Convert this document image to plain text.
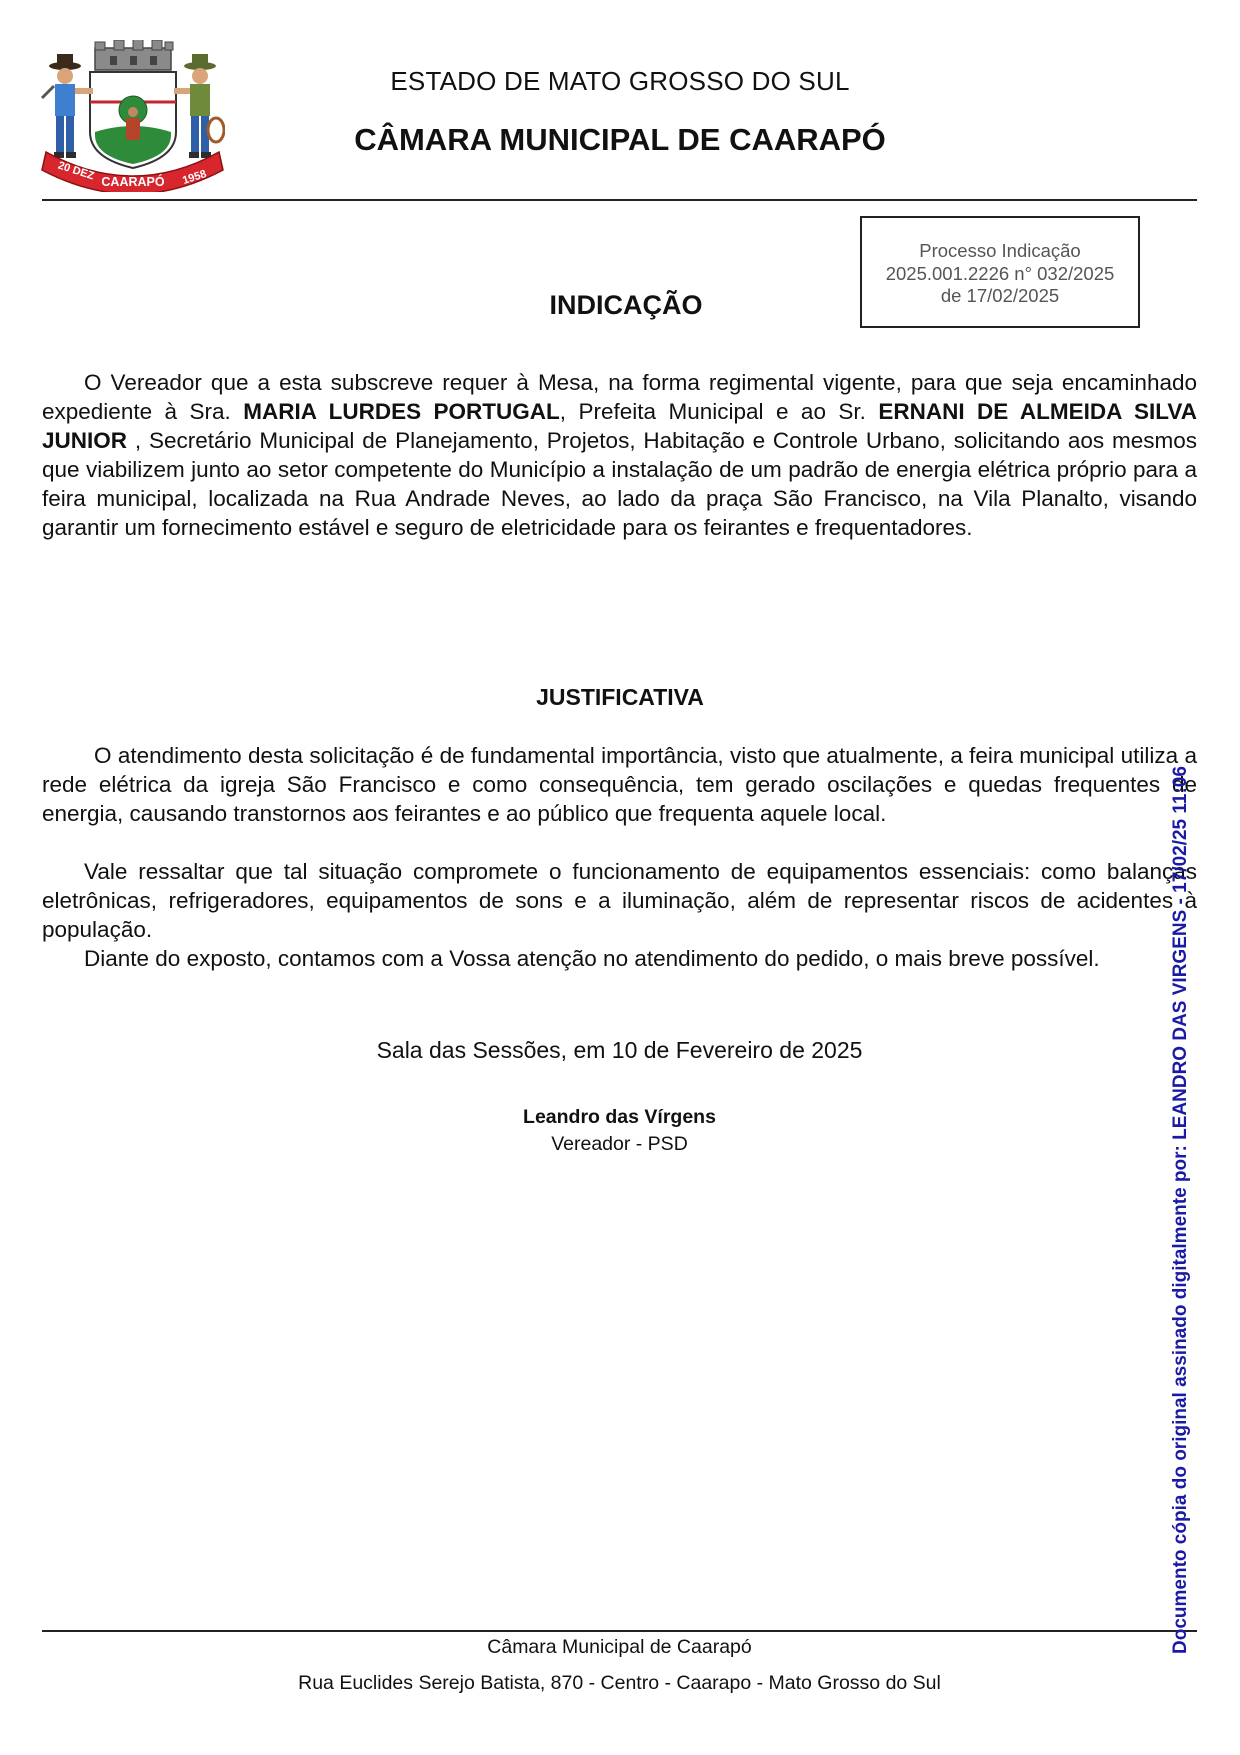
20 DEZ CAARAPÓ 1958
ESTADO DE MATO GROSSO DO SUL
CÂMARA MUNICIPAL DE CAARAPÓ
Processo Indicação
2025.001.2226 n° 032/2025
de 17/02/2025
INDICAÇÃO
O Vereador que a esta subscreve requer à Mesa, na forma regimental vigente, para que seja encaminhado expediente à Sra. MARIA LURDES PORTUGAL, Prefeita Municipal e ao Sr. ERNANI DE ALMEIDA SILVA JUNIOR , Secretário Municipal de Planejamento, Projetos, Habitação e Controle Urbano, solicitando aos mesmos que viabilizem junto ao setor competente do Município a instalação de um padrão de energia elétrica próprio para a feira municipal, localizada na Rua Andrade Neves, ao lado da praça São Francisco, na Vila Planalto, visando garantir um fornecimento estável e seguro de eletricidade para os feirantes e frequentadores.
JUSTIFICATIVA
O atendimento desta solicitação é de fundamental importância, visto que atualmente, a feira municipal utiliza a rede elétrica da igreja São Francisco e como consequência, tem gerado oscilações e quedas frequentes de energia, causando transtornos aos feirantes e ao público que frequenta aquele local.
Vale ressaltar que tal situação compromete o funcionamento de equipamentos essenciais: como balanças eletrônicas, refrigeradores, equipamentos de sons e a iluminação, além de representar riscos de acidentes à população.
Diante do exposto, contamos com a Vossa atenção no atendimento do pedido, o mais breve possível.
Sala das Sessões, em 10 de Fevereiro de 2025
Leandro das Vírgens
Vereador - PSD
Câmara Municipal de Caarapó
Rua Euclides Serejo Batista, 870 - Centro - Caarapo - Mato Grosso do Sul
Documento cópia do original assinado digitalmente por: LEANDRO DAS VIRGENS - 17/02/25 11:06
